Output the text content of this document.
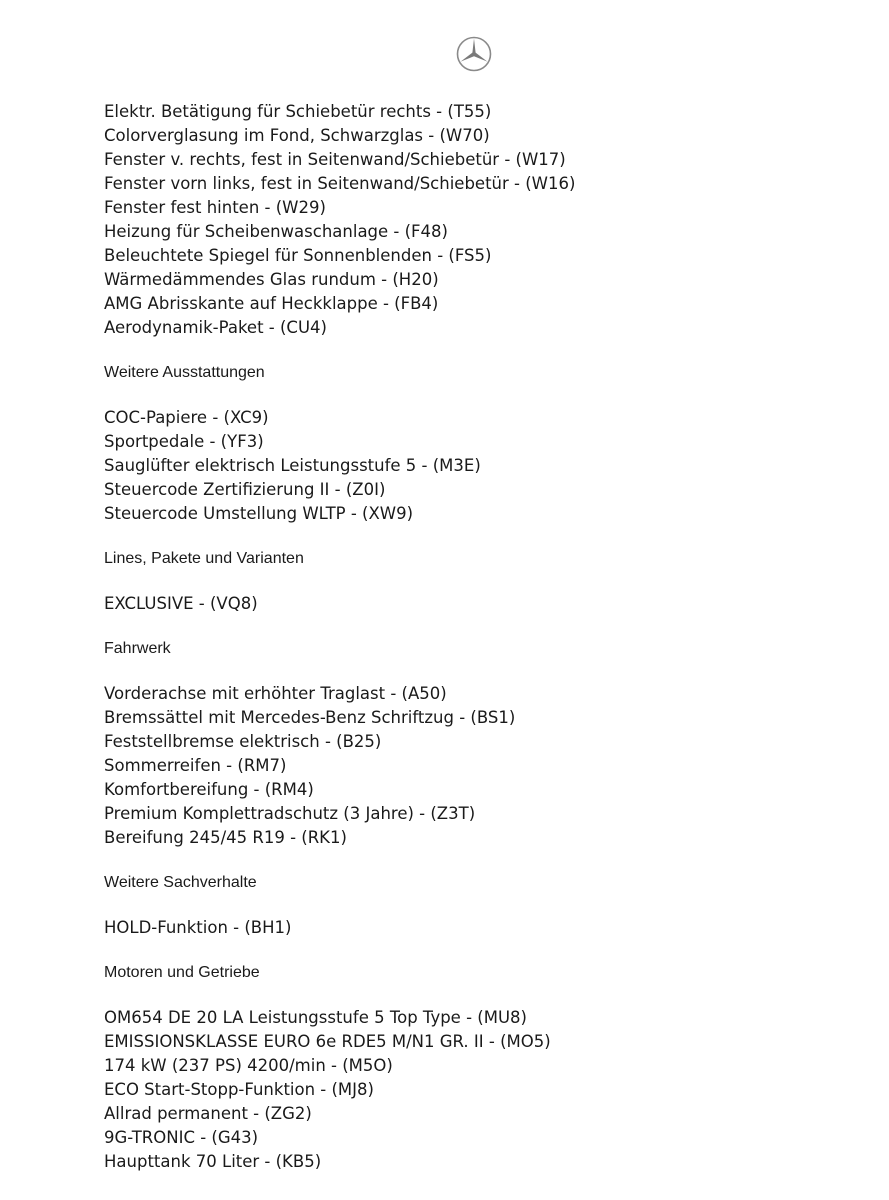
Elektr. Betätigung für Schiebetür rechts - (T55)
Colorverglasung im Fond, Schwarzglas - (W70)
Fenster v. rechts, fest in Seitenwand/Schiebetür - (W17)
Fenster vorn links, fest in Seitenwand/Schiebetür - (W16)
Fenster fest hinten - (W29)
Heizung für Scheibenwaschanlage - (F48)
Beleuchtete Spiegel für Sonnenblenden - (FS5)
Wärmedämmendes Glas rundum - (H20)
AMG Abrisskante auf Heckklappe - (FB4)
Aerodynamik-Paket - (CU4)
Weitere Ausstattungen
COC-Papiere - (XC9)
Sportpedale - (YF3)
Sauglüfter elektrisch Leistungsstufe 5 - (M3E)
Steuercode Zertifizierung II - (Z0I)
Steuercode Umstellung WLTP - (XW9)
Lines, Pakete und Varianten
EXCLUSIVE - (VQ8)
Fahrwerk
Vorderachse mit erhöhter Traglast - (A50)
Bremssättel mit Mercedes-Benz Schriftzug - (BS1)
Feststellbremse elektrisch - (B25)
Sommerreifen - (RM7)
Komfortbereifung - (RM4)
Premium Komplettradschutz (3 Jahre) - (Z3T)
Bereifung 245/45 R19 - (RK1)
Weitere Sachverhalte
HOLD-Funktion - (BH1)
Motoren und Getriebe
OM654 DE 20 LA Leistungsstufe 5 Top Type - (MU8)
EMISSIONSKLASSE EURO 6e RDE5 M/N1 GR. II - (MO5)
174 kW (237 PS) 4200/min - (M5O)
ECO Start-Stopp-Funktion - (MJ8)
Allrad permanent - (ZG2)
9G-TRONIC - (G43)
Haupttank 70 Liter - (KB5)
